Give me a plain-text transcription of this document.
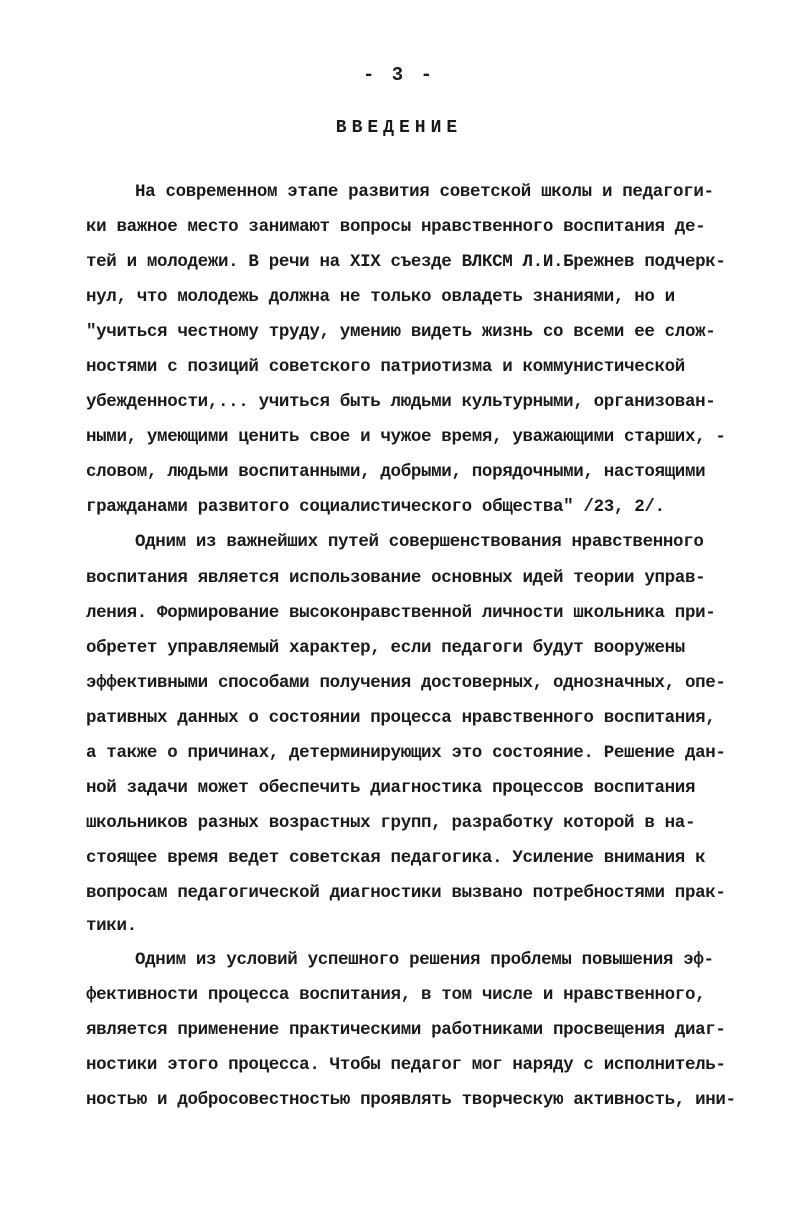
- 3 -
ВВЕДЕНИЕ
На современном этапе развития советской школы и педагоги-
ки важное место занимают вопросы нравственного воспитания де-
тей и молодежи. В речи на XIX съезде ВЛКСМ Л.И.Брежнев подчерк-
нул, что молодежь должна не только овладеть знаниями, но и
"учиться честному труду, умению видеть жизнь со всеми ее слож-
ностями с позиций советского патриотизма и коммунистической
убежденности,... учиться быть людьми культурными, организован-
ными, умеющими ценить свое и чужое время, уважающими старших, -
словом, людьми воспитанными, добрыми, порядочными, настоящими
гражданами развитого социалистического общества" /23, 2/.
Одним из важнейших путей совершенствования нравственного
воспитания является использование основных идей теории управ-
ления. Формирование высоконравственной личности школьника при-
обретет управляемый характер, если педагоги будут вооружены
эффективными способами получения достоверных, однозначных, опе-
ративных данных о состоянии процесса нравственного воспитания,
а также о причинах, детерминирующих это состояние. Решение дан-
ной задачи может обеспечить диагностика процессов воспитания
школьников разных возрастных групп, разработку которой в на-
стоящее время ведет советская педагогика. Усиление внимания к
вопросам педагогической диагностики вызвано потребностями прак-
тики.
Одним из условий успешного решения проблемы повышения эф-
фективности процесса воспитания, в том числе и нравственного,
является применение практическими работниками просвещения диаг-
ностики этого процесса. Чтобы педагог мог наряду с исполнитель-
ностью и добросовестностью проявлять творческую активность, ини-
